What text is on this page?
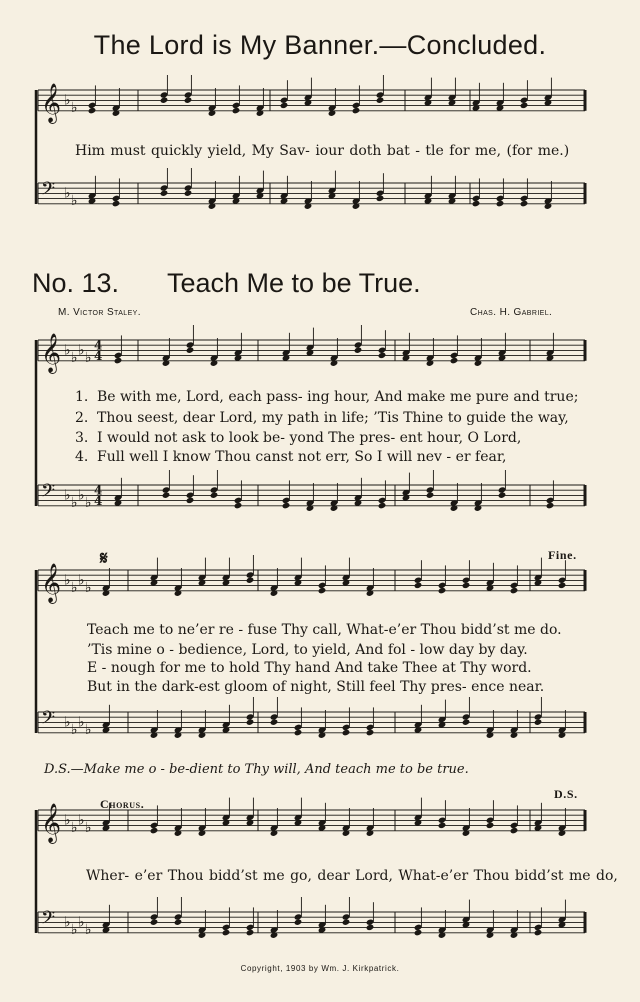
The Lord is My Banner.—Concluded.
𝄞 ♭ ♭
𝄢 ♭ ♭
𝄞 ♭ ♭ ♭ ♭
4
4
𝄢 ♭ ♭ ♭ ♭
4
4
𝄞 ♭ ♭ ♭ ♭
𝄢 ♭ ♭ ♭ ♭
𝄞 ♭ ♭ ♭ ♭
𝄢 ♭ ♭ ♭ ♭
Him must quickly yield, My Sav- iour doth bat - tle for me, (for me.)
No. 13. Teach Me to be True.
M. Victor Staley.	Chas. H. Gabriel.
1. Be with me, Lord, each pass- ing hour, And make me pure and true;
2. Thou seest, dear Lord, my path in life; ’Tis Thine to guide the way,
3. I would not ask to look be- yond The pres- ent hour, O Lord,
4. Full well I know Thou canst not err, So I will nev - er fear,
𝄋	Fine.
Teach me to ne’er re - fuse Thy call, What-e’er Thou bidd’st me do.
’Tis mine o - bedience, Lord, to yield, And fol - low day by day.
E - nough for me to hold Thy hand And take Thee at Thy word.
But in the dark-est gloom of night, Still feel Thy pres- ence near.
D.S.—Make me o - be-dient to Thy will, And teach me to be true.
Chorus.
D.S.
Wher- e’er Thou bidd’st me go, dear Lord, What-e’er Thou bidd’st me do,
Copyright, 1903 by Wm. J. Kirkpatrick.
